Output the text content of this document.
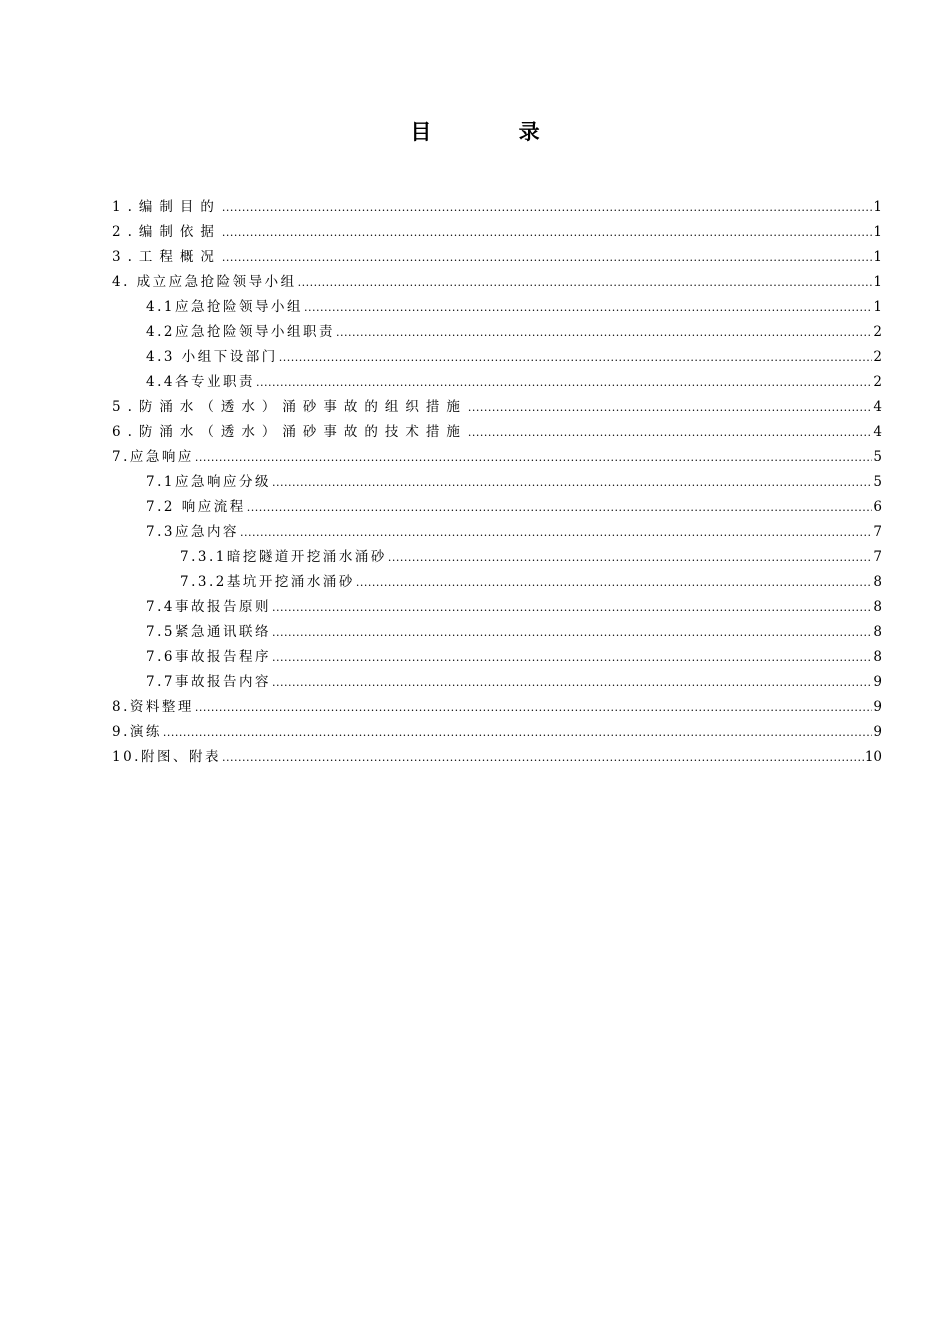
目 录
1.编制目的 .....	1
2.编制依据 .....	1
3.工程概况 .....	1
4. 成立应急抢险领导小组 .....	1
4.1应急抢险领导小组 .....	1
4.2应急抢险领导小组职责 .....	2
4.3 小组下设部门 .....	2
4.4各专业职责 .....	2
5.防涌水（透水）涌砂事故的组织措施 .....	4
6.防涌水（透水）涌砂事故的技术措施 .....	4
7.应急响应 .....	5
7.1应急响应分级 .....	5
7.2 响应流程 .....	6
7.3应急内容 .....	7
7.3.1暗挖隧道开挖涌水涌砂 .....	7
7.3.2基坑开挖涌水涌砂 .....	8
7.4事故报告原则 .....	8
7.5紧急通讯联络 .....	8
7.6事故报告程序 .....	8
7.7事故报告内容 .....	9
8.资料整理 .....	9
9.演练 .....	9
10.附图、附表 .....	10
